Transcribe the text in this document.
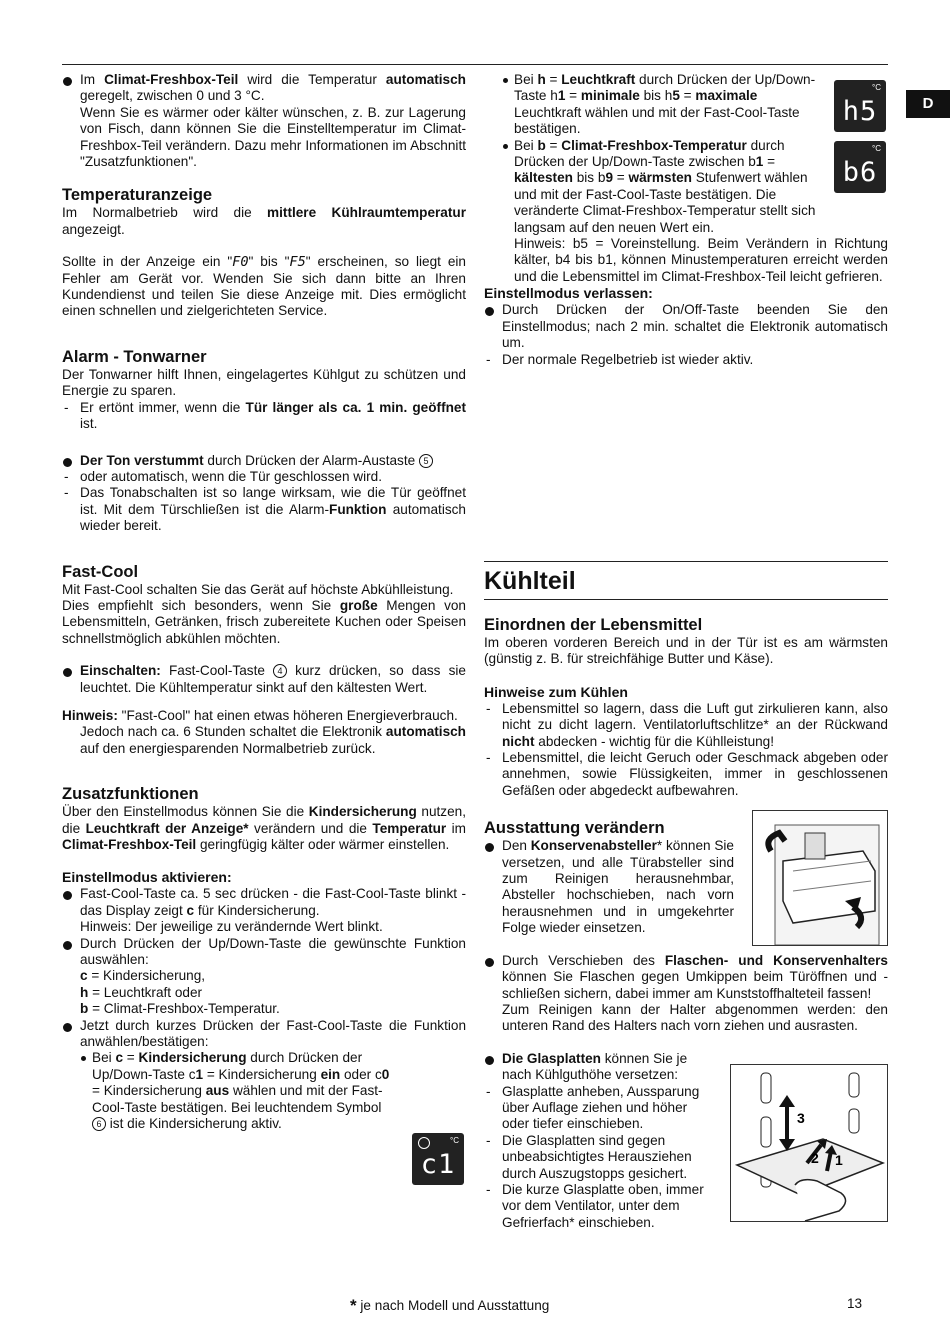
D

Im Climat-Freshbox-Teil wird die Temperatur automatisch geregelt, zwischen 0 und 3 °C.

Wenn Sie es wärmer oder kälter wünschen, z. B. zur Lagerung von Fisch, dann können Sie die Einstelltemperatur im Climat-Freshbox-Teil verändern. Dazu mehr Informationen im Abschnitt "Zusatzfunktionen".

Temperaturanzeige

Im Normalbetrieb wird die mittlere Kühlraumtemperatur angezeigt.

Sollte in der Anzeige ein "F0" bis "F5" erscheinen, so liegt ein Fehler am Gerät vor. Wenden Sie sich dann bitte an Ihren Kundendienst und teilen Sie diese Anzeige mit. Dies ermöglicht einen schnellen und zielgerichteten Service.

Alarm - Tonwarner

Der Tonwarner hilft Ihnen, eingelagertes Kühlgut zu schützen und Energie zu sparen.

- Er ertönt immer, wenn die Tür länger als ca. 1 min. geöffnet ist.

Der Ton verstummt durch Drücken der Alarm-Austaste 5

- oder automatisch, wenn die Tür geschlossen wird.

- Das Tonabschalten ist so lange wirksam, wie die Tür geöffnet ist. Mit dem Türschließen ist die Alarm-Funktion automatisch wieder bereit.

Fast-Cool

Mit Fast-Cool schalten Sie das Gerät auf höchste Abkühlleistung.

Dies empfiehlt sich besonders, wenn Sie große Mengen von Lebensmitteln, Getränken, frisch zubereitete Kuchen oder Speisen schnellstmöglich abkühlen möchten.

Einschalten: Fast-Cool-Taste 4 kurz drücken, so dass sie leuchtet. Die Kühltemperatur sinkt auf den kältesten Wert.

Hinweis: "Fast-Cool" hat einen etwas höheren Energieverbrauch.

Jedoch nach ca. 6 Stunden schaltet die Elektronik automatisch auf den energiesparenden Normalbetrieb zurück.

Zusatzfunktionen

Über den Einstellmodus können Sie die Kindersicherung nutzen, die Leuchtkraft der Anzeige* verändern und die Temperatur im Climat-Freshbox-Teil geringfügig kälter oder wärmer einstellen.

Einstellmodus aktivieren:

Fast-Cool-Taste ca. 5 sec drücken - die Fast-Cool-Taste blinkt - das Display zeigt c für Kindersicherung.

Hinweis: Der jeweilige zu verändernde Wert blinkt.

Durch Drücken der Up/Down-Taste die gewünschte Funktion auswählen:

c = Kindersicherung,

h = Leuchtkraft oder

b = Climat-Freshbox-Temperatur.

Jetzt durch kurzes Drücken der Fast-Cool-Taste die Funktion anwählen/bestätigen:

Bei c = Kindersicherung durch Drücken der Up/Down-Taste c1 = Kindersicherung ein oder c0 = Kindersicherung aus wählen und mit der Fast-Cool-Taste bestätigen. Bei leuchtendem Symbol 6 ist die Kindersicherung aktiv.

°C
c1

Bei h = Leuchtkraft durch Drücken der Up/Down-Taste h1 = minimale bis h5 = maximale Leuchtkraft wählen und mit der Fast-Cool-Taste bestätigen.

Bei b = Climat-Freshbox-Temperatur durch Drücken der Up/Down-Taste zwischen b1 = kältesten bis b9 = wärmsten Stufenwert wählen und mit der Fast-Cool-Taste bestätigen. Die veränderte Climat-Freshbox-Temperatur stellt sich langsam auf den neuen Wert ein.

Hinweis: b5 = Voreinstellung. Beim Verändern in Richtung kälter, b4 bis b1, können Minustemperaturen erreicht werden und die Lebensmittel im Climat-Freshbox-Teil leicht gefrieren.

Einstellmodus verlassen:

Durch Drücken der On/Off-Taste beenden Sie den Einstellmodus; nach 2 min. schaltet die Elektronik automatisch um.

- Der normale Regelbetrieb ist wieder aktiv.

°C
h5
°C
b6

Kühlteil

Einordnen der Lebensmittel

Im oberen vorderen Bereich und in der Tür ist es am wärmsten (günstig z. B. für streichfähige Butter und Käse).

Hinweise zum Kühlen

- Lebensmittel so lagern, dass die Luft gut zirkulieren kann, also nicht zu dicht lagern. Ventilatorluftschlitze* an der Rückwand nicht abdecken - wichtig für die Kühlleistung!

- Lebensmittel, die leicht Geruch oder Geschmack abgeben oder annehmen, sowie Flüssigkeiten, immer in geschlossenen Gefäßen oder abgedeckt aufbewahren.

Ausstattung verändern

Den Konservenabsteller* können Sie versetzen, und alle Türabsteller sind zum Reinigen herausnehmbar, Absteller hochschieben, nach vorn herausnehmen und in umgekehrter Folge wieder einsetzen.

Durch Verschieben des Flaschen- und Konservenhalters können Sie Flaschen gegen Umkippen beim Türöffnen und -schließen sichern, dabei immer am Kunststoffhalteteil fassen!

Zum Reinigen kann der Halter abgenommen werden: den unteren Rand des Halters nach vorn ziehen und ausrasten.

Die Glasplatten können Sie je nach Kühlguthöhe versetzen:

- Glasplatte anheben, Aussparung über Auflage ziehen und höher oder tiefer einschieben.

- Die Glasplatten sind gegen unbeabsichtigtes Herausziehen durch Auszugstopps gesichert.

- Die kurze Glasplatte oben, immer vor dem Ventilator, unter dem Gefrierfach* einschieben.

3
2 1
* je nach Modell und Ausstattung	13
